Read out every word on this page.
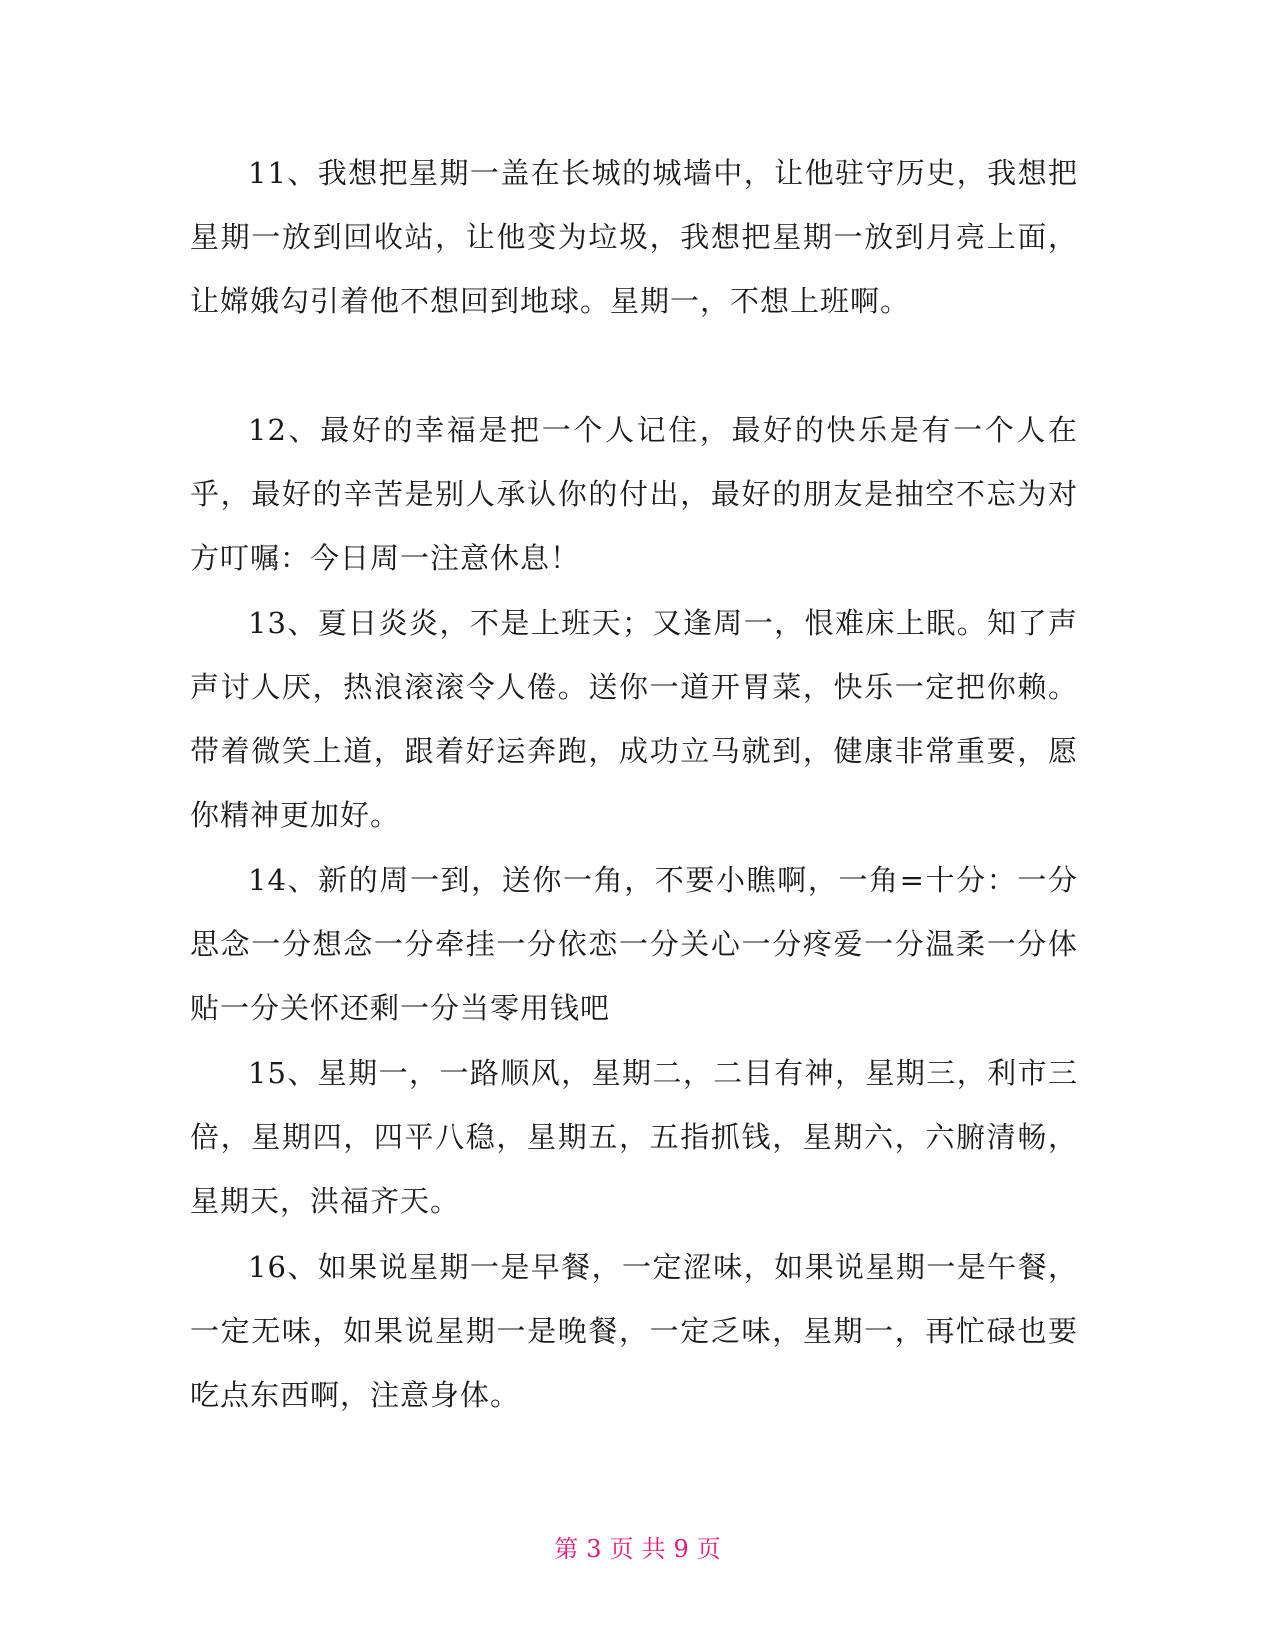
11、我想把星期一盖在长城的城墙中，让他驻守历史，我想把星期一放到回收站，让他变为垃圾，我想把星期一放到月亮上面，让嫦娥勾引着他不想回到地球。星期一，不想上班啊。

12、最好的幸福是把一个人记住，最好的快乐是有一个人在乎，最好的辛苦是别人承认你的付出，最好的朋友是抽空不忘为对方叮嘱：今日周一注意休息！

13、夏日炎炎，不是上班天；又逢周一，恨难床上眠。知了声声讨人厌，热浪滚滚令人倦。送你一道开胃菜，快乐一定把你赖。带着微笑上道，跟着好运奔跑，成功立马就到，健康非常重要，愿你精神更加好。

14、新的周一到，送你一角，不要小瞧啊，一角=十分：一分思念一分想念一分牵挂一分依恋一分关心一分疼爱一分温柔一分体贴一分关怀还剩一分当零用钱吧

15、星期一，一路顺风，星期二，二目有神，星期三，利市三倍，星期四，四平八稳，星期五，五指抓钱，星期六，六腑清畅，星期天，洪福齐天。

16、如果说星期一是早餐，一定涩味，如果说星期一是午餐，一定无味，如果说星期一是晚餐，一定乏味，星期一，再忙碌也要吃点东西啊，注意身体。

第 3 页 共 9 页
